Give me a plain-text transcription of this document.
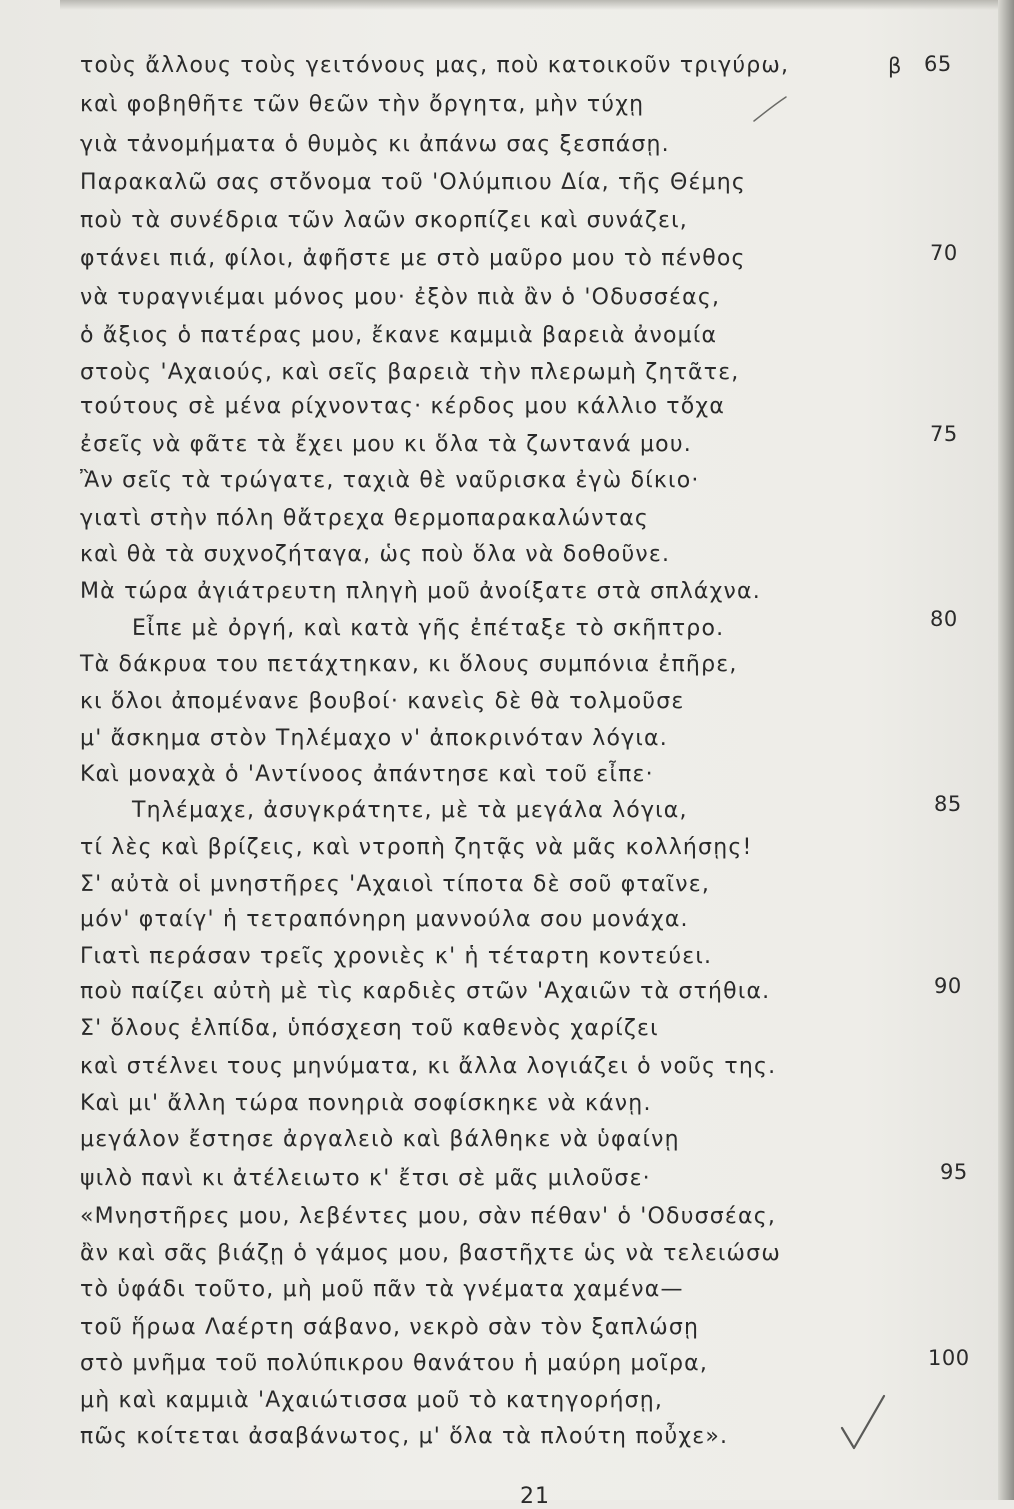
τοὺς ἄλλους τοὺς γειτόνους μας, ποὺ κατοικοῦν τριγύρω,	β 65
καὶ φοβηθῆτε τῶν θεῶν τὴν ὄργητα, μὴν τύχῃ
γιὰ τἀνομήματα ὁ θυμὸς κι ἀπάνω σας ξεσπάσῃ.
Παρακαλῶ σας στὄνομα τοῦ 'Ολύμπιου Δία, τῆς Θέμης
ποὺ τὰ συνέδρια τῶν λαῶν σκορπίζει καὶ συνάζει,
φτάνει πιά, φίλοι, ἀφῆστε με στὸ μαῦρο μου τὸ πένθος	70
νὰ τυραγνιέμαι μόνος μου· ἐξὸν πιὰ ἂν ὁ 'Οδυσσέας,
ὁ ἄξιος ὁ πατέρας μου, ἔκανε καμμιὰ βαρειὰ ἀνομία
στοὺς 'Αχαιούς, καὶ σεῖς βαρειὰ τὴν πλερωμὴ ζητᾶτε,
τούτους σὲ μένα ρίχνοντας· κέρδος μου κάλλιο τὄχα
ἐσεῖς νὰ φᾶτε τὰ ἔχει μου κι ὅλα τὰ ζωντανά μου.	75
Ἂν σεῖς τὰ τρώγατε, ταχιὰ θὲ ναῦρισκα ἐγὼ δίκιο·
γιατὶ στὴν πόλη θἄτρεχα θερμοπαρακαλώντας
καὶ θὰ τὰ συχνοζήταγα, ὡς ποὺ ὅλα νὰ δοθοῦνε.
Μὰ τώρα ἀγιάτρευτη πληγὴ μοῦ ἀνοίξατε στὰ σπλάχνα.
Εἶπε μὲ ὀργή, καὶ κατὰ γῆς ἐπέταξε τὸ σκῆπτρο.	80
Τὰ δάκρυα του πετάχτηκαν, κι ὅλους συμπόνια ἐπῆρε,
κι ὅλοι ἀπομένανε βουβοί· κανεὶς δὲ θὰ τολμοῦσε
μ' ἄσκημα στὸν Τηλέμαχο ν' ἀποκρινόταν λόγια.
Καὶ μοναχὰ ὁ 'Αντίνοος ἀπάντησε καὶ τοῦ εἶπε·
Τηλέμαχε, ἀσυγκράτητε, μὲ τὰ μεγάλα λόγια,	85
τί λὲς καὶ βρίζεις, καὶ ντροπὴ ζητᾷς νὰ μᾶς κολλήσῃς!
Σ' αὐτὰ οἱ μνηστῆρες 'Αχαιοὶ τίποτα δὲ σοῦ φταῖνε,
μόν' φταίγ' ἡ τετραπόνηρη μαννούλα σου μονάχα.
Γιατὶ περάσαν τρεῖς χρονιὲς κ' ἡ τέταρτη κοντεύει.
ποὺ παίζει αὐτὴ μὲ τὶς καρδιὲς στῶν 'Αχαιῶν τὰ στήθια.	90
Σ' ὅλους ἐλπίδα, ὑπόσχεση τοῦ καθενὸς χαρίζει
καὶ στέλνει τους μηνύματα, κι ἄλλα λογιάζει ὁ νοῦς της.
Καὶ μι' ἄλλη τώρα πονηριὰ σοφίσκηκε νὰ κάνῃ.
μεγάλον ἔστησε ἀργαλειὸ καὶ βάλθηκε νὰ ὑφαίνῃ
ψιλὸ πανὶ κι ἀτέλειωτο κ' ἔτσι σὲ μᾶς μιλοῦσε·	95
«Μνηστῆρες μου, λεβέντες μου, σὰν πέθαν' ὁ 'Οδυσσέας,
ἂν καὶ σᾶς βιάζῃ ὁ γάμος μου, βαστῆχτε ὡς νὰ τελειώσω
τὸ ὑφάδι τοῦτο, μὴ μοῦ πᾶν τὰ γνέματα χαμένα—
τοῦ ἥρωα Λαέρτη σάβανο, νεκρὸ σὰν τὸν ξαπλώσῃ
στὸ μνῆμα τοῦ πολύπικρου θανάτου ἡ μαύρη μοῖρα,	100
μὴ καὶ καμμιὰ 'Αχαιώτισσα μοῦ τὸ κατηγορήσῃ,
πῶς κοίτεται ἀσαβάνωτος, μ' ὅλα τὰ πλούτη ποὖχε».
21
